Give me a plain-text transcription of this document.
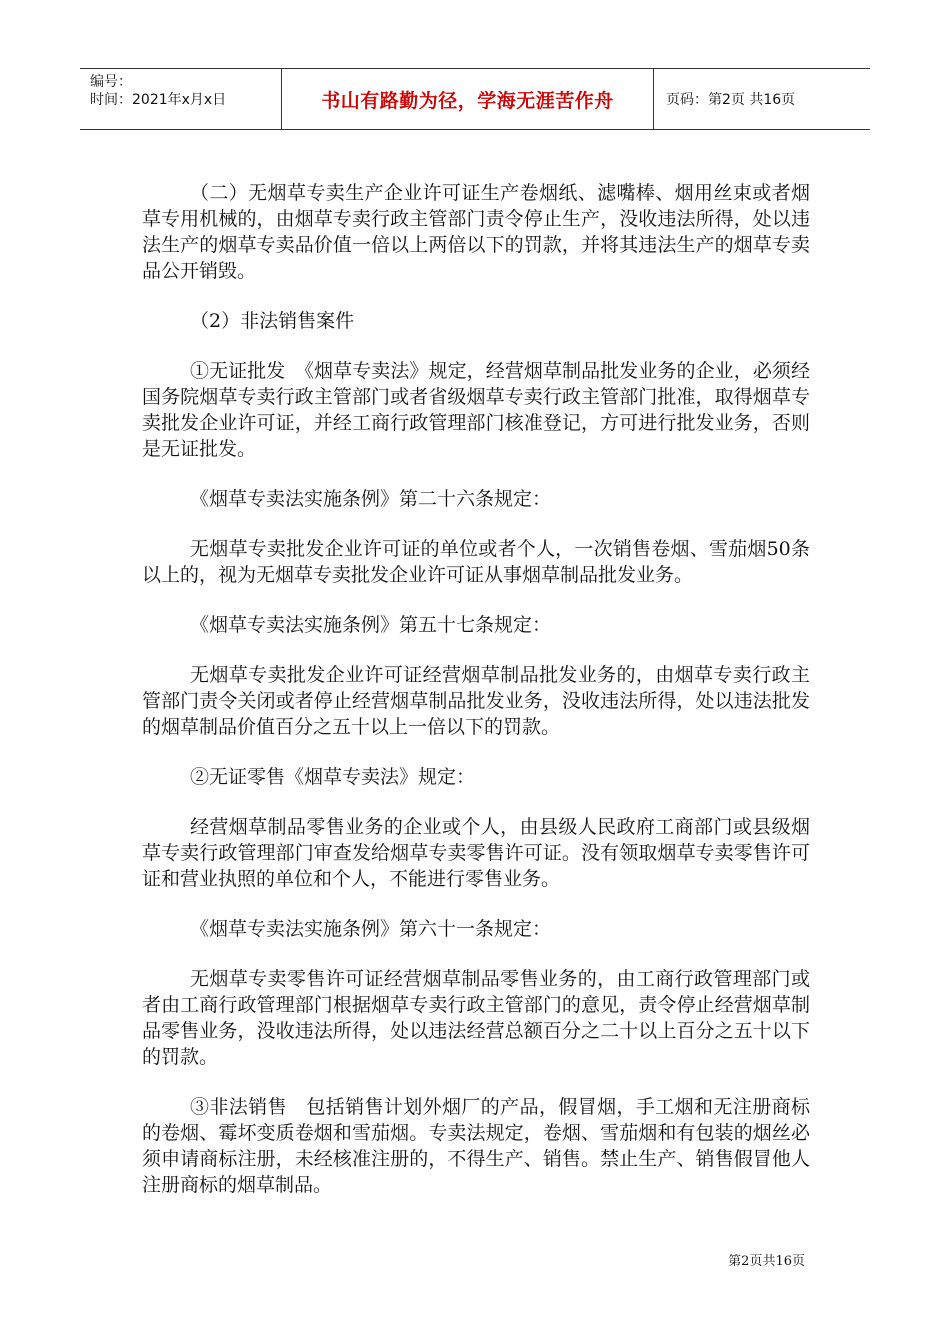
编号：
时间：2021年x月x日	书山有路勤为径，学海无涯苦作舟	页码：第2页 共16页

（二）无烟草专卖生产企业许可证生产卷烟纸、滤嘴棒、烟用丝束或者烟草专用机械的，由烟草专卖行政主管部门责令停止生产，没收违法所得，处以违法生产的烟草专卖品价值一倍以上两倍以下的罚款，并将其违法生产的烟草专卖品公开销毁。

（2）非法销售案件

①无证批发　《烟草专卖法》规定，经营烟草制品批发业务的企业，必须经国务院烟草专卖行政主管部门或者省级烟草专卖行政主管部门批准，取得烟草专卖批发企业许可证，并经工商行政管理部门核准登记，方可进行批发业务，否则是无证批发。

《烟草专卖法实施条例》第二十六条规定：

无烟草专卖批发企业许可证的单位或者个人，一次销售卷烟、雪茄烟50条以上的，视为无烟草专卖批发企业许可证从事烟草制品批发业务。

《烟草专卖法实施条例》第五十七条规定：

无烟草专卖批发企业许可证经营烟草制品批发业务的，由烟草专卖行政主管部门责令关闭或者停止经营烟草制品批发业务，没收违法所得，处以违法批发的烟草制品价值百分之五十以上一倍以下的罚款。

②无证零售《烟草专卖法》规定：

经营烟草制品零售业务的企业或个人，由县级人民政府工商部门或县级烟草专卖行政管理部门审查发给烟草专卖零售许可证。没有领取烟草专卖零售许可证和营业执照的单位和个人，不能进行零售业务。

《烟草专卖法实施条例》第六十一条规定：

无烟草专卖零售许可证经营烟草制品零售业务的，由工商行政管理部门或者由工商行政管理部门根据烟草专卖行政主管部门的意见，责令停止经营烟草制品零售业务，没收违法所得，处以违法经营总额百分之二十以上百分之五十以下的罚款。

③非法销售　包括销售计划外烟厂的产品，假冒烟，手工烟和无注册商标的卷烟、霉坏变质卷烟和雪茄烟。专卖法规定，卷烟、雪茄烟和有包装的烟丝必须申请商标注册，未经核准注册的，不得生产、销售。禁止生产、销售假冒他人注册商标的烟草制品。

第2页共16页
